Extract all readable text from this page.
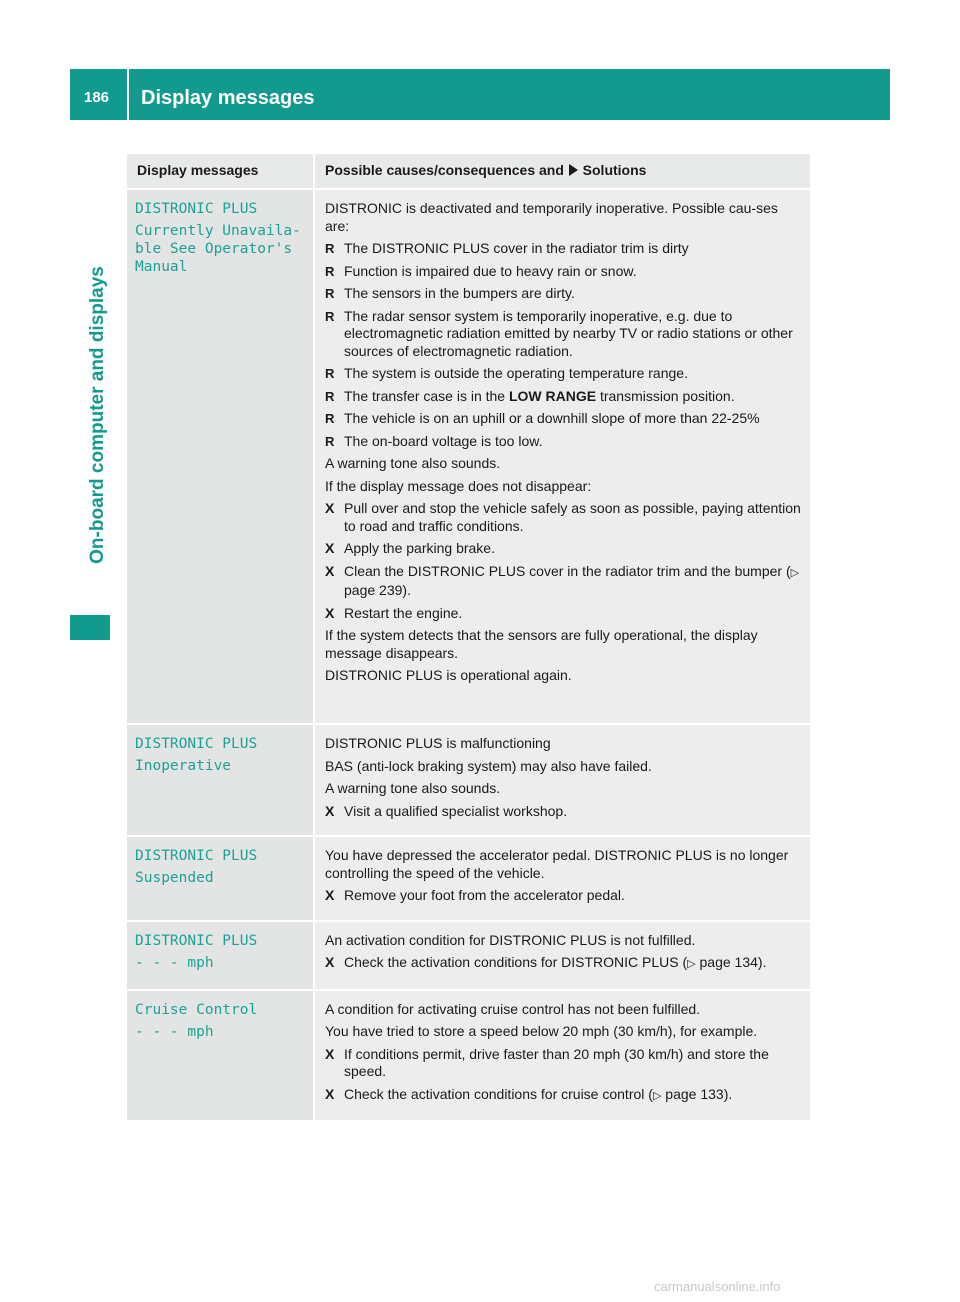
186 Display messages
On-board computer and displays
Display messages	Possible causes/consequences and Solutions
DISTRONIC PLUS
Currently Unavaila-
ble See Operator's
Manual

DISTRONIC is deactivated and temporarily inoperative. Possible cau-ses are:

R The DISTRONIC PLUS cover in the radiator trim is dirty
R Function is impaired due to heavy rain or snow.
R The sensors in the bumpers are dirty.
R The radar sensor system is temporarily inoperative, e.g. due to electromagnetic radiation emitted by nearby TV or radio stations or other sources of electromagnetic radiation.
R The system is outside the operating temperature range.
R The transfer case is in the LOW RANGE transmission position.
R The vehicle is on an uphill or a downhill slope of more than 22-25%
R The on-board voltage is too low.

A warning tone also sounds.

If the display message does not disappear:

X Pull over and stop the vehicle safely as soon as possible, paying attention to road and traffic conditions.
X Apply the parking brake.
X Clean the DISTRONIC PLUS cover in the radiator trim and the bumper (▷ page 239).
X Restart the engine.

If the system detects that the sensors are fully operational, the display message disappears.

DISTRONIC PLUS is operational again.

DISTRONIC PLUS
Inoperative

DISTRONIC PLUS is malfunctioning

BAS (anti-lock braking system) may also have failed.

A warning tone also sounds.

X Visit a qualified specialist workshop.
DISTRONIC PLUS
Suspended

You have depressed the accelerator pedal. DISTRONIC PLUS is no longer controlling the speed of the vehicle.

X Remove your foot from the accelerator pedal.
DISTRONIC PLUS
- - - mph

An activation condition for DISTRONIC PLUS is not fulfilled.

X Check the activation conditions for DISTRONIC PLUS (▷ page 134).
Cruise Control
- - - mph

A condition for activating cruise control has not been fulfilled.

You have tried to store a speed below 20 mph (30 km/h), for example.

X If conditions permit, drive faster than 20 mph (30 km/h) and store the speed.
X Check the activation conditions for cruise control (▷ page 133).
carmanualsonline.info
